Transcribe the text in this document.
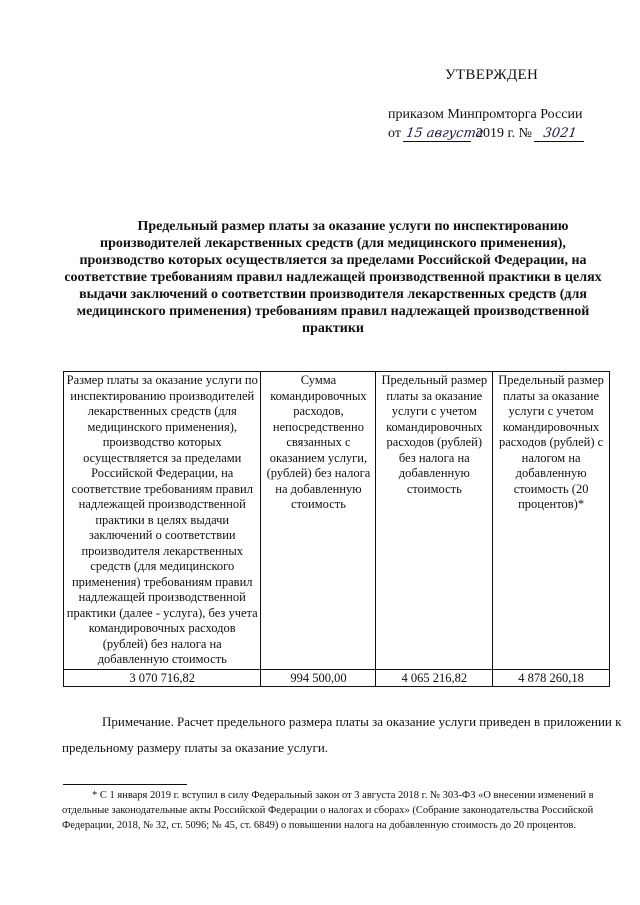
УТВЕРЖДЕН
приказом Минпромторга России
от 15 августа 2019 г. № 3021
Предельный размер платы за оказание услуги по инспектированию производителей лекарственных средств (для медицинского применения), производство которых осуществляется за пределами Российской Федерации, на соответствие требованиям правил надлежащей производственной практики в целях выдачи заключений о соответствии производителя лекарственных средств (для медицинского применения) требованиям правил надлежащей производственной практики
Размер платы за оказание услуги по инспектированию производителей лекарственных средств (для медицинского применения), производство которых осуществляется за пределами Российской Федерации, на соответствие требованиям правил надлежащей производственной практики в целях выдачи заключений о соответствии производителя лекарственных средств (для медицинского применения) требованиям правил надлежащей производственной практики (далее - услуга), без учета командировочных расходов (рублей) без налога на добавленную стоимость	Сумма командировочных расходов, непосредственно связанных с оказанием услуги, (рублей) без налога на добавленную стоимость	Предельный размер платы за оказание услуги с учетом командировочных расходов (рублей) без налога на добавленную стоимость	Предельный размер платы за оказание услуги с учетом командировочных расходов (рублей) с налогом на добавленную стоимость (20 процентов)*
3 070 716,82	994 500,00	4 065 216,82	4 878 260,18
Примечание. Расчет предельного размера платы за оказание услуги приведен в приложении к предельному размеру платы за оказание услуги.
* С 1 января 2019 г. вступил в силу Федеральный закон от 3 августа 2018 г. № 303-ФЗ «О внесении изменений в отдельные законодательные акты Российской Федерации о налогах и сборах» (Собрание законодательства Российской Федерации, 2018, № 32, ст. 5096; № 45, ст. 6849) о повышении налога на добавленную стоимость до 20 процентов.
